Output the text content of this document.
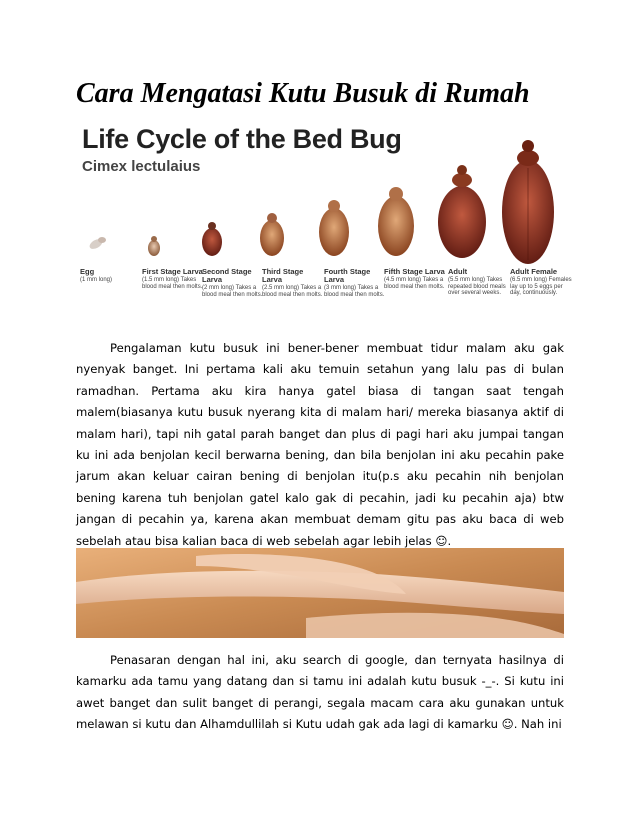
Cara Mengatasi Kutu Busuk di Rumah
Life Cycle of the Bed Bug
Cimex lectulaius
Egg
(1 mm long)
First Stage Larva
(1.5 mm long) Takes blood meal then molts.
Second Stage Larva
(2 mm long) Takes a blood meal then molts.
Third Stage Larva
(2.5 mm long) Takes a blood meal then molts.
Fourth Stage Larva
(3 mm long) Takes a blood meal then molts.
Fifth Stage Larva
(4.5 mm long) Takes a blood meal then molts.
Adult
(5.5 mm long) Takes repeated blood meals over several weeks.
Adult Female
(6.5 mm long) Females lay up to 5 eggs per day, continuously.

Pengalaman kutu busuk ini bener-bener membuat tidur malam aku gak nyenyak banget. Ini pertama kali aku temuin setahun yang lalu pas di bulan ramadhan. Pertama aku kira hanya gatel biasa di tangan saat tengah malem(biasanya kutu busuk nyerang kita di malam hari/ mereka biasanya aktif di malam hari), tapi nih gatal parah banget dan plus di pagi hari aku jumpai tangan ku ini ada benjolan kecil berwarna bening, dan bila benjolan ini aku pecahin pake jarum akan keluar cairan bening di benjolan itu(p.s aku pecahin nih benjolan bening karena tuh benjolan gatel kalo gak di pecahin, jadi ku pecahin aja) btw jangan di pecahin ya, karena akan membuat demam gitu pas aku baca di web sebelah atau bisa kalian baca di web sebelah agar lebih jelas ☺.

Penasaran dengan hal ini, aku search di google, dan ternyata hasilnya di kamarku ada tamu yang datang dan si tamu ini adalah kutu busuk -_-. Si kutu ini awet banget dan sulit banget di perangi, segala macam cara aku gunakan untuk melawan si kutu dan Alhamdullilah si Kutu udah gak ada lagi di kamarku ☺. Nah ini
